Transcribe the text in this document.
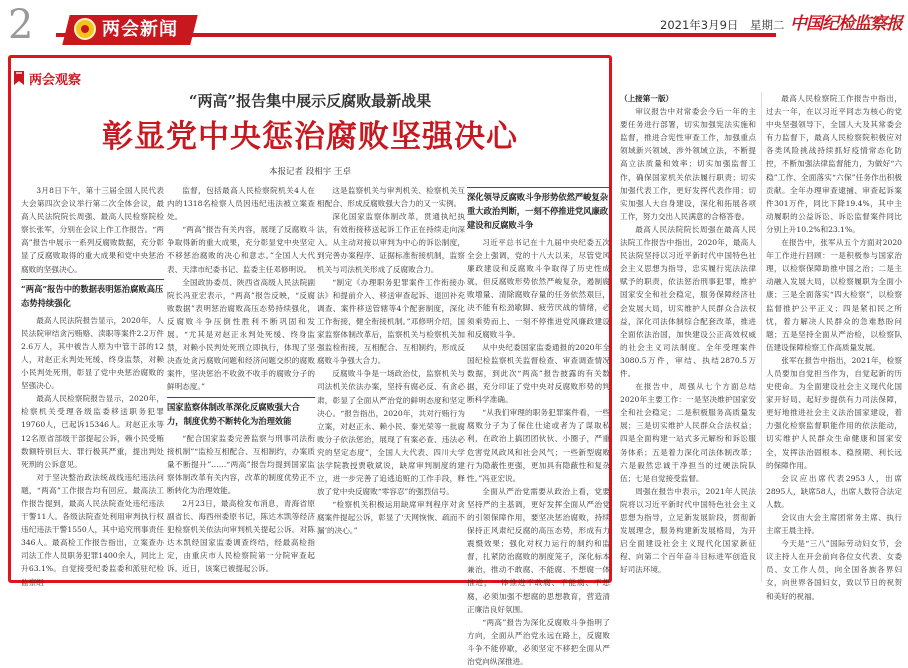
2	两会新闻	2021年3月9日 星期二 中国纪检监察报
两会观察
“两高”报告集中展示反腐败最新战果
彰显党中央惩治腐败坚强决心
本报记者 段相宇 王卓

3月8日下午，第十三届全国人民代表大会第四次会议举行第二次全体会议，最高人民法院院长周强、最高人民检察院检察长张军，分别在会议上作工作报告。“两高”报告中展示一系列反腐败数据，充分彰显了反腐败取得的重大成果和党中央惩治腐败的坚强决心。

“两高”报告中的数据表明惩治腐败高压态势持续强化

最高人民法院报告显示，2020年，人民法院审结贪污贿赂、渎职等案件2.2万件2.6万人，其中被告人原为中管干部的12人，对赵正永判处死缓、终身监禁，对赖小民判处死刑，彰显了党中央惩治腐败的坚强决心。

最高人民检察院报告显示，2020年，检察机关受理各级监委移送职务犯罪19760人，已起诉15346人。对赵正永等12名原省部级干部提起公诉，赖小民受贿数额特别巨大、罪行极其严重，提出判处死刑的公诉意见。

对于坚决整治政法统战线违纪违法问题，“两高”工作报告均有回应。最高法工作报告提到，最高人民法院查处违纪违法干警11人。各级法院查处利用审判执行权违纪违法干警1550人，其中追究刑事责任346人。最高检工作报告指出，立案查办司法工作人员职务犯罪1400余人，同比上升63.1%。自觉接受纪委监委和派驻纪检监察组

监督，包括最高人民检察院机关4人在内的1318名检察人员因违纪违法被立案查处。

“两高”报告有关内容，展现了反腐败斗争取得新的重大成果，充分彰显党中央坚定不移惩治腐败的决心和意志。”全国人大代表、天津市纪委书记、监委主任邓修明说。

全国政协委员、陕西省高级人民法院副院长冯亚宏表示，“两高”报告反映，“反腐败数据”表明惩治腐败高压态势持续强化，反腐败斗争压倒性胜利不断巩固和发展。“尤其是对赵正永判处死缓、终身监禁，对赖小民判处死刑立即执行，体现了坚决查处贪污腐败问题和经济问题交织的腐败案件，坚决惩治不收敛不收手的腐败分子的鲜明态度。”

国家监察体制改革深化反腐败强大合力，制度优势不断转化为治理效能

“配合国家监委完善监察与刑事司法衔接机制”“监检互相配合、互相制约，办案质量不断提升”……“两高”报告均提到国家监察体制改革有关内容，改革的制度优势正不断转化为治理效能。

2月23日，最高检发布消息，青海省原副省长、海西州委原书记，陈达木凯等经济犯检察机关依法向审判机关提起公诉。对陈达木凯经国家监委调查终结，经最高检指定，由重庆市人民检察院第一分院审查起诉。近日，该案已被提起公诉。

这是监察机关与审判机关、检察机关互相配合、形成反腐败强大合力的又一实例。

深化国家监察体制改革，贯通执纪执法，有效衔接移送起诉工作正在持续走向深入。从主动对接以审判为中心的诉讼制度，到完善办案程序、证据标准衔接机制，监察机关与司法机关形成了反腐败合力。

“制定《办理职务犯罪案件工作衔接办法》和提前介入、移送审查起诉、退回补充调查、案件移送管辖等4个配套制度，深化工作衔接，健全衔接机制。”邓修明介绍，国家监察体制改革后，监察机关与检察机关加强监检衔接，互相配合、互相制约，形成反腐败斗争强大合力。

反腐败斗争是一场政治仗，监察机关与司法机关依法办案，坚持有腐必反、有贪必肃，彰显了全面从严治党的鲜明态度和坚定决心。“报告指出，2020年，共对行贿行为立案，对赵正永、赖小民、秦光荣等一批腐败分子依法惩治，展现了有案必查、违法必究的坚定态度”，全国人大代表、四川大学法学院教授贾敬斌说，缺席审判制度的建立，进一步完善了追逃追赃的工作手段，释放了党中央反腐败“零容忍”的强烈信号。

“检察机关积极运用缺席审判程序对贪腐案件提起公诉，彰显了‘天网恢恢、疏而不漏’的决心。”

深化领导反腐败斗争形势依然严峻复杂重大政治判断，一刻不停推进党风廉政建设和反腐败斗争

习近平总书记在十九届中央纪委五次全会上强调，党的十八大以来，尽管党风廉政建设和反腐败斗争取得了历史性成就，但反腐败形势依然严峻复杂，遏制腐败增量、清除腐败存量的任务依然艰巨，决不能有松劲歇脚、疲劳厌战的情绪，必须乘势而上、一刻不停推进党风廉政建设和反腐败斗争。

从中央纪委国家监委通报的2020年全国纪检监察机关监督检查、审查调查情况数据，到此次“两高”报告披露的有关数据，充分印证了党中央对反腐败形势的判断科学准确。

“从我们审理的职务犯罪案件看，一些腐败分子为了保住仕途或者为了谋取私利，在政治上搞团团伙伙、小圈子，严重危害党风政风和社会风气；一些新型腐败行为隐蔽性更强，更加具有隐蔽性和复杂性。”冯亚宏说。

全面从严治党需要从政治上看，党要坚持严的主基调，更好发挥全面从严治党的引领保障作用，要坚决惩治腐败，持续保持正风肃纪反腐的高压态势，形成有力震慑效果；强化对权力运行的制约和监督，扎紧防治腐败的制度笼子，深化标本兼治，推动不敢腐、不能腐、不想腐一体推进，一体推进不敢腐、不能腐、不想腐，必须加强不想腐的思想教育，营造清正廉洁良好氛围。

“两高”报告为深化反腐败斗争指明了方向，全面从严治党永远在路上，反腐败斗争不能停歇，必须坚定不移把全面从严治党向纵深推进。

（上接第一版）

审议报告中对常委会今后一年的主要任务进行部署，切实加强宪法实施和监督，推进合宪性审查工作，加强重点领域新兴领域、涉外领域立法，不断提高立法质量和效率；切实加强监督工作，确保国家机关依法履行职责；切实加强代表工作，更好发挥代表作用；切实加强人大自身建设，深化和拓展各项工作，努力交出人民满意的合格答卷。

最高人民法院院长周强在最高人民法院工作报告中指出，2020年，最高人民法院坚持以习近平新时代中国特色社会主义思想为指导，忠实履行宪法法律赋予的职责，依法惩治刑事犯罪，维护国家安全和社会稳定，服务保障经济社会发展大局，切实维护人民群众合法权益，深化司法体制综合配套改革，推进全面依法治国，加快建设公正高效权威的社会主义司法制度。全年受理案件3080.5万件，审结、执结2870.5万件。

在报告中，周强从七个方面总结2020年主要工作：一是坚决维护国家安全和社会稳定；二是积极服务高质量发展；三是切实维护人民群众合法权益；四是全面构建一站式多元解纷和诉讼服务体系；五是着力深化司法体制改革；六是毅然忠诚干净担当的过硬法院队伍；七是自觉接受监督。

周强在报告中表示，2021年人民法院将以习近平新时代中国特色社会主义思想为指导，立足新发展阶段，贯彻新发展理念，服务构建新发展格局，为开启全面建设社会主义现代化国家新征程、向第二个百年奋斗目标进军创造良好司法环境。

最高人民检察院工作报告中指出，过去一年，在以习近平同志为核心的党中央坚强领导下，全国人大及其常委会有力监督下，最高人民检察院积极应对各类风险挑战持续抓好疫情常态化防控，不断加强法律监督能力，为做好“六稳”工作、全面落实“六保”任务作出积极贡献。全年办理审查逮捕、审查起诉案件301万件，同比下降19.4%，其中主动履职的公益诉讼、诉讼监督案件同比分别上升10.2%和23.1%。

在报告中，张军从五个方面对2020年工作进行回顾：一是积极参与国家治理，以检察保障助推中国之治；二是主动融入发展大局，以检察履职为全面小康；三是全面落实“四大检察”，以检察监督推护公平正义；四是紧扣民之所忧，着力解决人民群众的急难愁盼问题；五是坚持全面从严治检，以检察队伍建设保障检察工作高质量发展。

张军在报告中指出，2021年，检察人员要加自觉担当作为，自觉起新的历史使命。为全面建设社会主义现代化国家开好局、起好步提供有力司法保障，更好地推进社会主义法治国家建设，着力强化检察监督职能作用的依法能动，切实维护人民群众生命健康和国家安全，发挥法治固根本、稳预期、利长远的保障作用。

会议应出席代表2953人，出席2895人，缺席58人，出席人数符合法定人数。

会议由大会主席团常务主席、执行主席王晨主持。

今天是“三八”国际劳动妇女节，会议主持人在开会前向各位女代表、女委员、女工作人员，向全国各族各界妇女，向世界各国妇女，致以节日的祝贺和美好的祝福。
